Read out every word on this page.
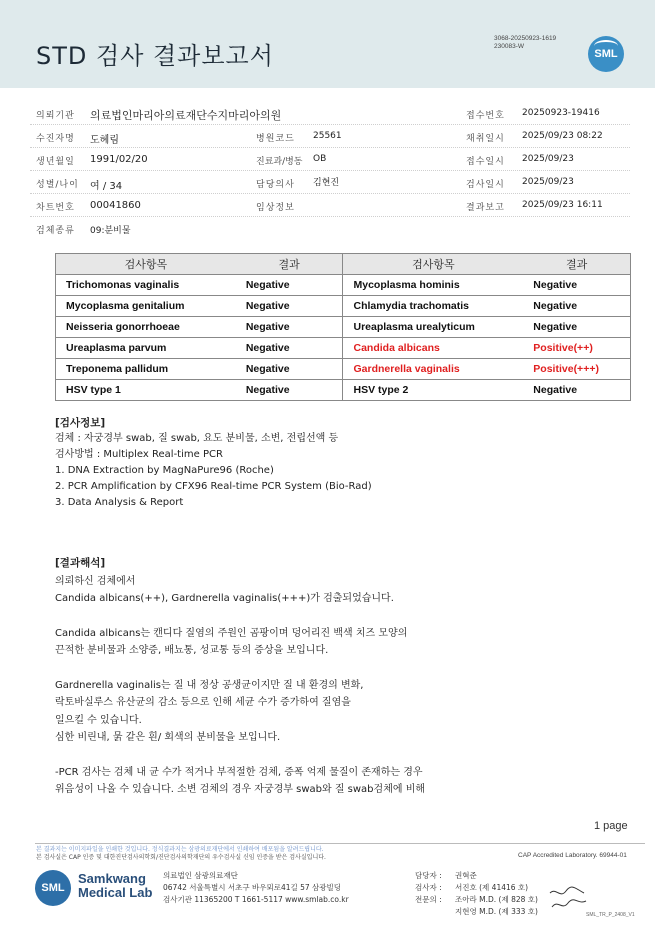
STD 검사 결과보고서
3068-20250923-1619
230083-W
SML
의뢰기관 의료법인마리아의료재단수지마리아의원	접수번호 20250923-19416
수진자명 도혜림	병원코드 25561	채취일시 2025/09/23 08:22
생년월일 1991/02/20	진료과/병동 OB	접수일시 2025/09/23
성별/나이 여 / 34	담당의사 김현진	검사일시 2025/09/23
차트번호 00041860	임상정보	결과보고 2025/09/23 16:11
검체종류 09:분비물
검사항목	결과	검사항목	결과
Trichomonas vaginalis	Negative	Mycoplasma hominis	Negative
Mycoplasma genitalium	Negative	Chlamydia trachomatis	Negative
Neisseria gonorrhoeae	Negative	Ureaplasma urealyticum	Negative
Ureaplasma parvum	Negative	Candida albicans	Positive(++)
Treponema pallidum	Negative	Gardnerella vaginalis	Positive(+++)
HSV type 1	Negative	HSV type 2	Negative

[검사정보]

검체 : 자궁경부 swab, 질 swab, 요도 분비물, 소변, 전립선액 등

검사방법 : Multiplex Real-time PCR

1. DNA Extraction by MagNaPure96 (Roche)

2. PCR Amplification by CFX96 Real-time PCR System (Bio-Rad)

3. Data Analysis & Report

[결과해석]

의뢰하신 검체에서

Candida albicans(++), Gardnerella vaginalis(+++)가 검출되었습니다.

Candida albicans는 캔디다 질염의 주원인 곰팡이며 덩어리진 백색 치즈 모양의

끈적한 분비물과 소양증, 배뇨통, 성교통 등의 증상을 보입니다.

Gardnerella vaginalis는 질 내 정상 공생균이지만 질 내 환경의 변화,

락토바실루스 유산균의 감소 등으로 인해 세균 수가 증가하여 질염을

일으킬 수 있습니다.

심한 비린내, 묽 같은 흰/ 회색의 분비물을 보입니다.

-PCR 검사는 검체 내 균 수가 적거나 부적절한 검체, 증폭 억제 물질이 존재하는 경우

위음성이 나올 수 있습니다. 소변 검체의 경우 자궁경부 swab와 질 swab검체에 비해

1 page
본 결과지는 이미지파일을 인쇄한 것입니다. 정식결과지는 삼광의료재단에서 인쇄하여 배포됨을 알려드립니다.
본 검사실은 CAP 인증 및 대한진단검사의학회/진단검사의학재단의 우수검사실 신임 인증을 받은 검사실입니다.	CAP Accredited Laboratory. 69944-01
SML
Samkwang
Medical Lab
의료법인 삼광의료재단
06742 서울특별시 서초구 바우뫼로41길 57 삼광빌딩
검사기관 11365200 T 1661-5117 www.smlab.co.kr
담당자 : 권혁준
검사자 : 서진호 (제 41416 호)
전문의 : 조아라 M.D. (제 828 호)
지현영 M.D. (제 333 호)	SML_TR_P_2408_V1
